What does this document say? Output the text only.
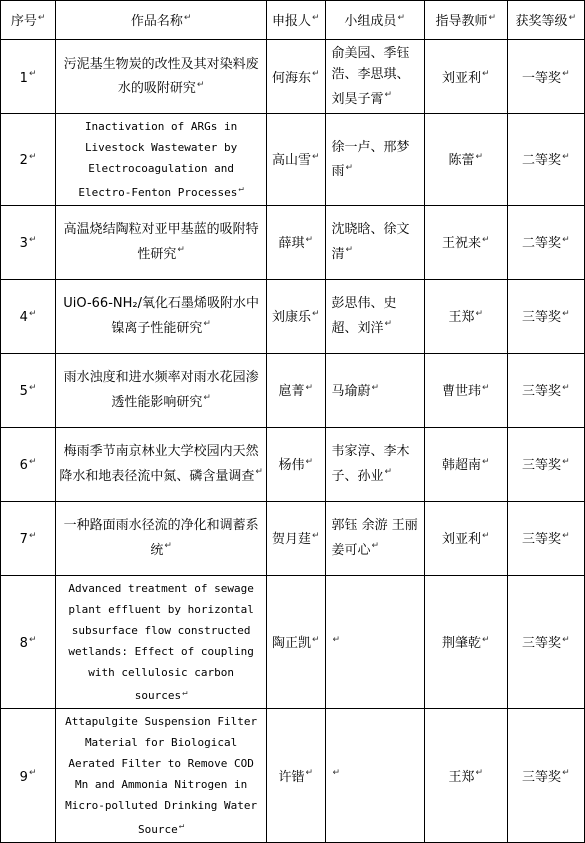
序号 ↵	作品名称 ↵	申报人 ↵	小组成员 ↵	指导教师 ↵	获奖等级 ↵
1 ↵	污泥基生物炭的改性及其对染料废水的吸附研究 ↵	何海东 ↵	俞美园、季钰浩、李思琪、刘昊子霄 ↵	刘亚利 ↵	一等奖 ↵
2 ↵	Inactivation of ARGs in Livestock Wastewater by Electrocoagulation and Electro-Fenton Processes ↵	高山雪 ↵	徐一卢、邢梦雨 ↵	陈蕾 ↵	二等奖 ↵
3 ↵	高温烧结陶粒对亚甲基蓝的吸附特性研究 ↵	薛琪 ↵	沈晓晗、徐文清 ↵	王祝来 ↵	二等奖 ↵
4 ↵	UiO-66-NH₂/氧化石墨烯吸附水中镍离子性能研究 ↵	刘康乐 ↵	彭思伟、史超、刘洋 ↵	王郑 ↵	三等奖 ↵
5 ↵	雨水浊度和进水频率对雨水花园渗透性能影响研究 ↵	扈菁 ↵	马瑜蔚 ↵	曹世玮 ↵	三等奖 ↵
6 ↵	梅雨季节南京林业大学校园内天然降水和地表径流中氮、磷含量调查 ↵	杨伟 ↵	韦家淳、李木子、孙业 ↵	韩超南 ↵	三等奖 ↵
7 ↵	一种路面雨水径流的净化和调蓄系统 ↵	贺月莛 ↵	郭钰 余游 王丽 姜可心 ↵	刘亚利 ↵	三等奖 ↵
8 ↵	Advanced treatment of sewage plant effluent by horizontal subsurface flow constructed wetlands: Effect of coupling with cellulosic carbon sources ↵	陶正凯 ↵	↵	荆肇乾 ↵	三等奖 ↵
9 ↵	Attapulgite Suspension Filter Material for Biological Aerated Filter to Remove COD Mn and Ammonia Nitrogen in Micro-polluted Drinking Water Source ↵	许锴 ↵	↵	王郑 ↵	三等奖 ↵
